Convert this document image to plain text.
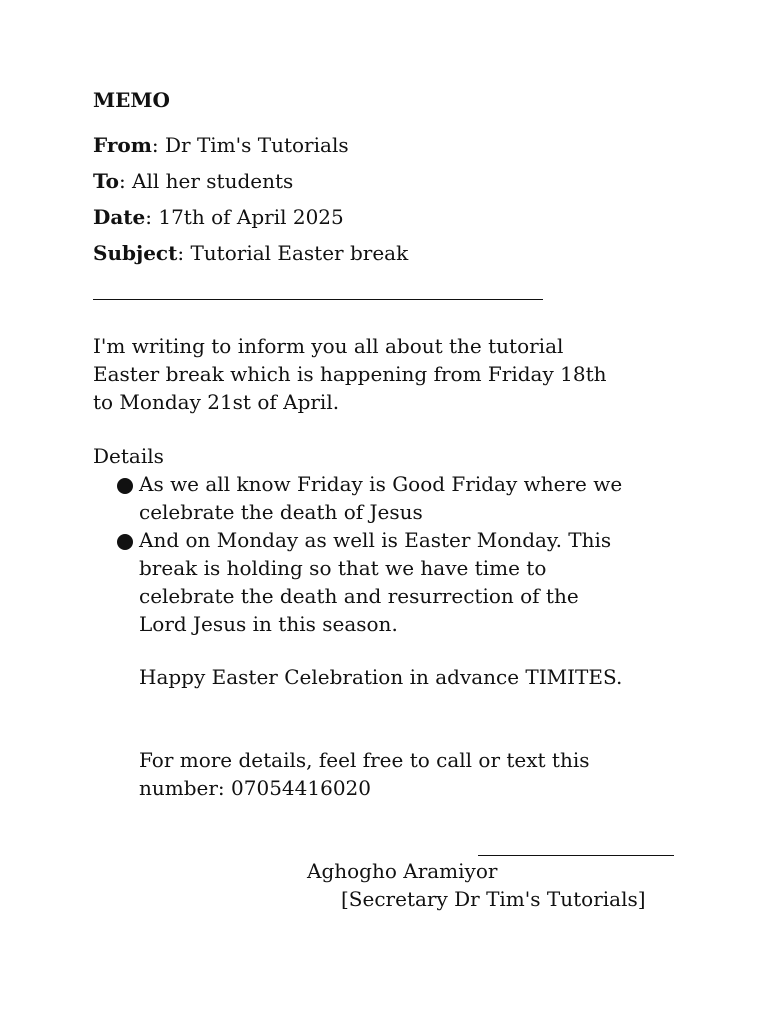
MEMO
From: Dr Tim's Tutorials
To: All her students
Date: 17th of April 2025
Subject: Tutorial Easter break
I'm writing to inform you all about the tutorial
Easter break which is happening from Friday 18th
to Monday 21st of April.
Details
As we all know Friday is Good Friday where we
celebrate the death of Jesus
And on Monday as well is Easter Monday. This
break is holding so that we have time to
celebrate the death and resurrection of the
Lord Jesus in this season.
Happy Easter Celebration in advance TIMITES.
For more details, feel free to call or text this
number: 07054416020
Aghogho Aramiyor
[Secretary Dr Tim's Tutorials]
